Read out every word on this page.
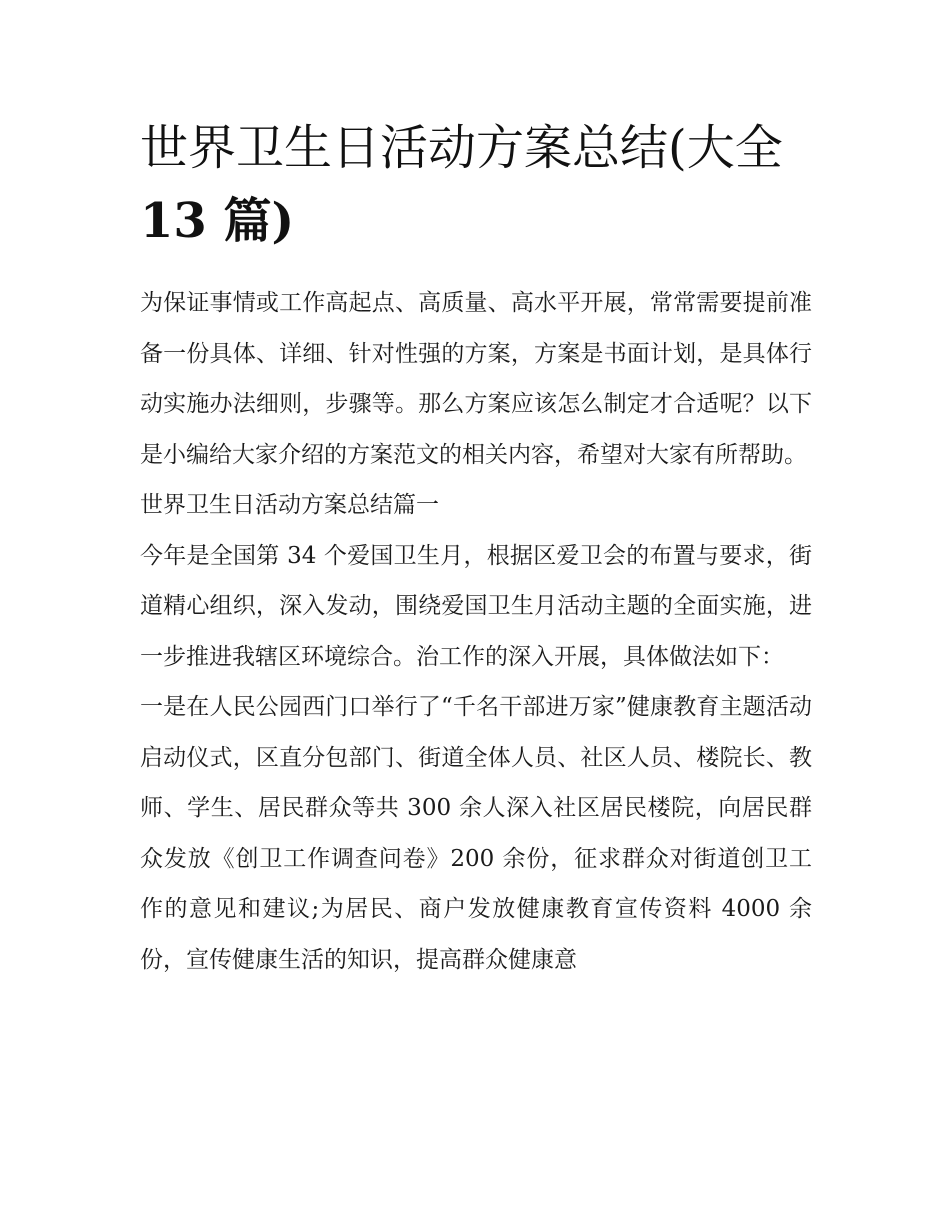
世界卫生日活动方案总结(大全
13 篇)

为保证事情或工作高起点、高质量、高水平开展，常常需要提前准备一份具体、详细、针对性强的方案，方案是书面计划，是具体行动实施办法细则，步骤等。那么方案应该怎么制定才合适呢？以下是小编给大家介绍的方案范文的相关内容，希望对大家有所帮助。

世界卫生日活动方案总结篇一

今年是全国第 34 个爱国卫生月，根据区爱卫会的布置与要求，街道精心组织，深入发动，围绕爱国卫生月活动主题的全面实施，进一步推进我辖区环境综合。治工作的深入开展，具体做法如下：

一是在人民公园西门口举行了“千名干部进万家”健康教育主题活动启动仪式，区直分包部门、街道全体人员、社区人员、楼院长、教师、学生、居民群众等共 300 余人深入社区居民楼院，向居民群众发放《创卫工作调查问卷》200 余份，征求群众对街道创卫工作的意见和建议;为居民、商户发放健康教育宣传资料 4000 余份，宣传健康生活的知识，提高群众健康意
